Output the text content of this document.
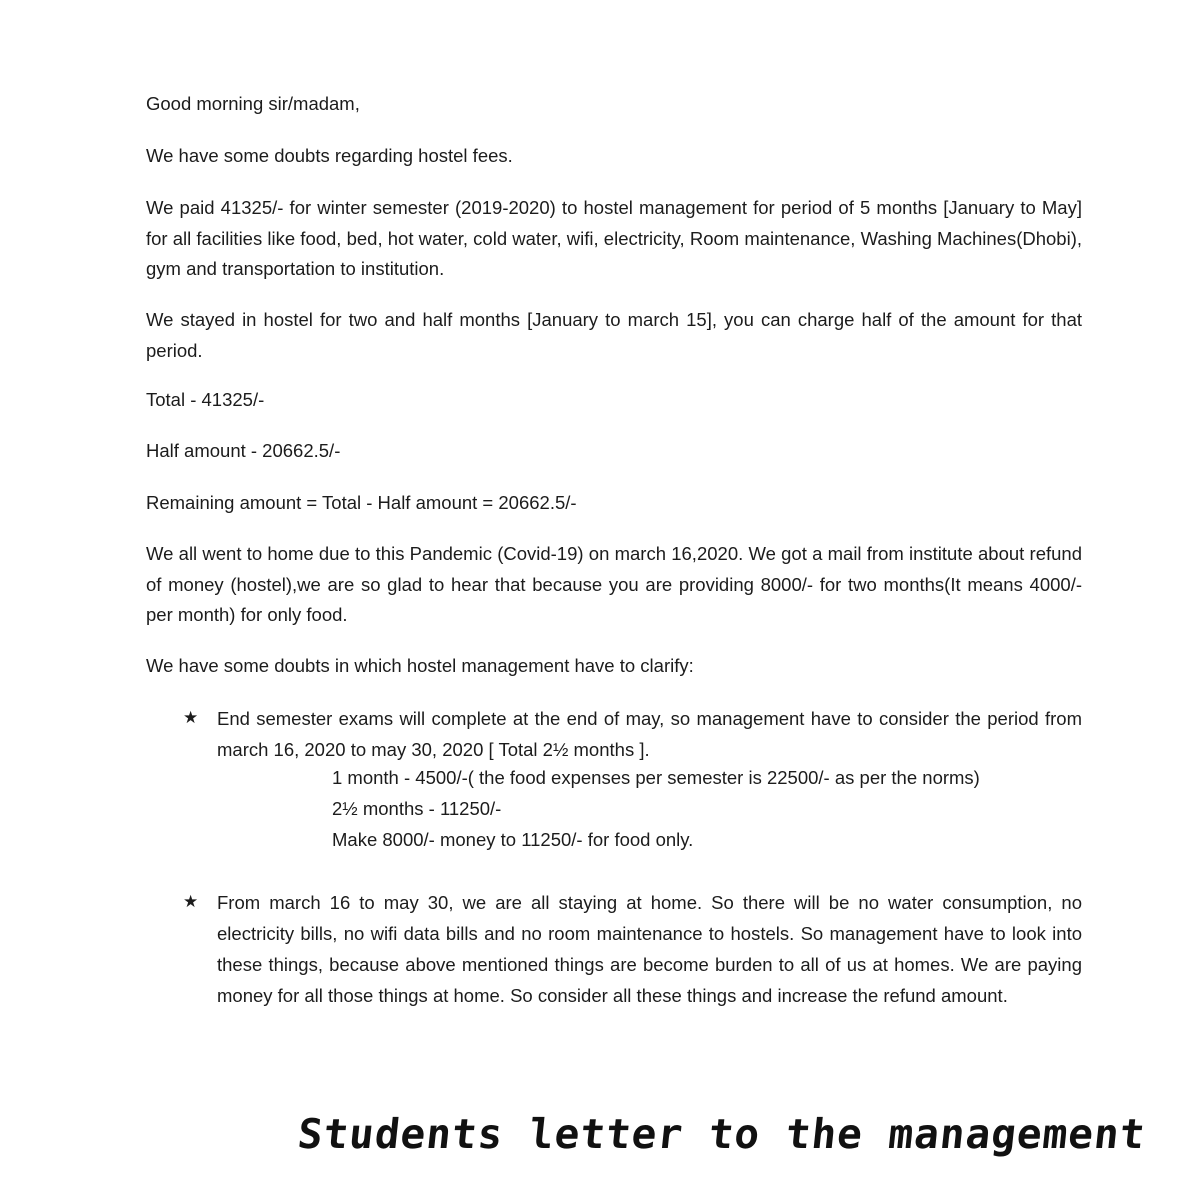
Good morning sir/madam,
We have some doubts regarding hostel fees.
We paid 41325/- for winter semester (2019-2020) to hostel management for period of 5 months [January to May] for all facilities like food, bed, hot water, cold water, wifi, electricity, Room maintenance, Washing Machines(Dhobi), gym and transportation to institution.
We stayed in hostel for two and half months [January to march 15], you can charge half of the amount for that period.
Total - 41325/-
Half amount - 20662.5/-
Remaining amount = Total - Half amount = 20662.5/-
We all went to home due to this Pandemic (Covid-19) on march 16,2020. We got a mail from institute about refund of money (hostel),we are so glad to hear that because you are providing 8000/- for two months(It means 4000/- per month) for only food.
We have some doubts in which hostel management have to clarify:
★ End semester exams will complete at the end of may, so management have to consider the period from march 16, 2020 to may 30, 2020 [ Total 2½ months ].
1 month - 4500/-( the food expenses per semester is 22500/- as per the norms)
2½ months - 11250/-
Make 8000/- money to 11250/- for food only.
★ From march 16 to may 30, we are all staying at home. So there will be no water consumption, no electricity bills, no wifi data bills and no room maintenance to hostels. So management have to look into these things, because above mentioned things are become burden to all of us at homes. We are paying money for all those things at home. So consider all these things and increase the refund amount.
Students letter to the management
